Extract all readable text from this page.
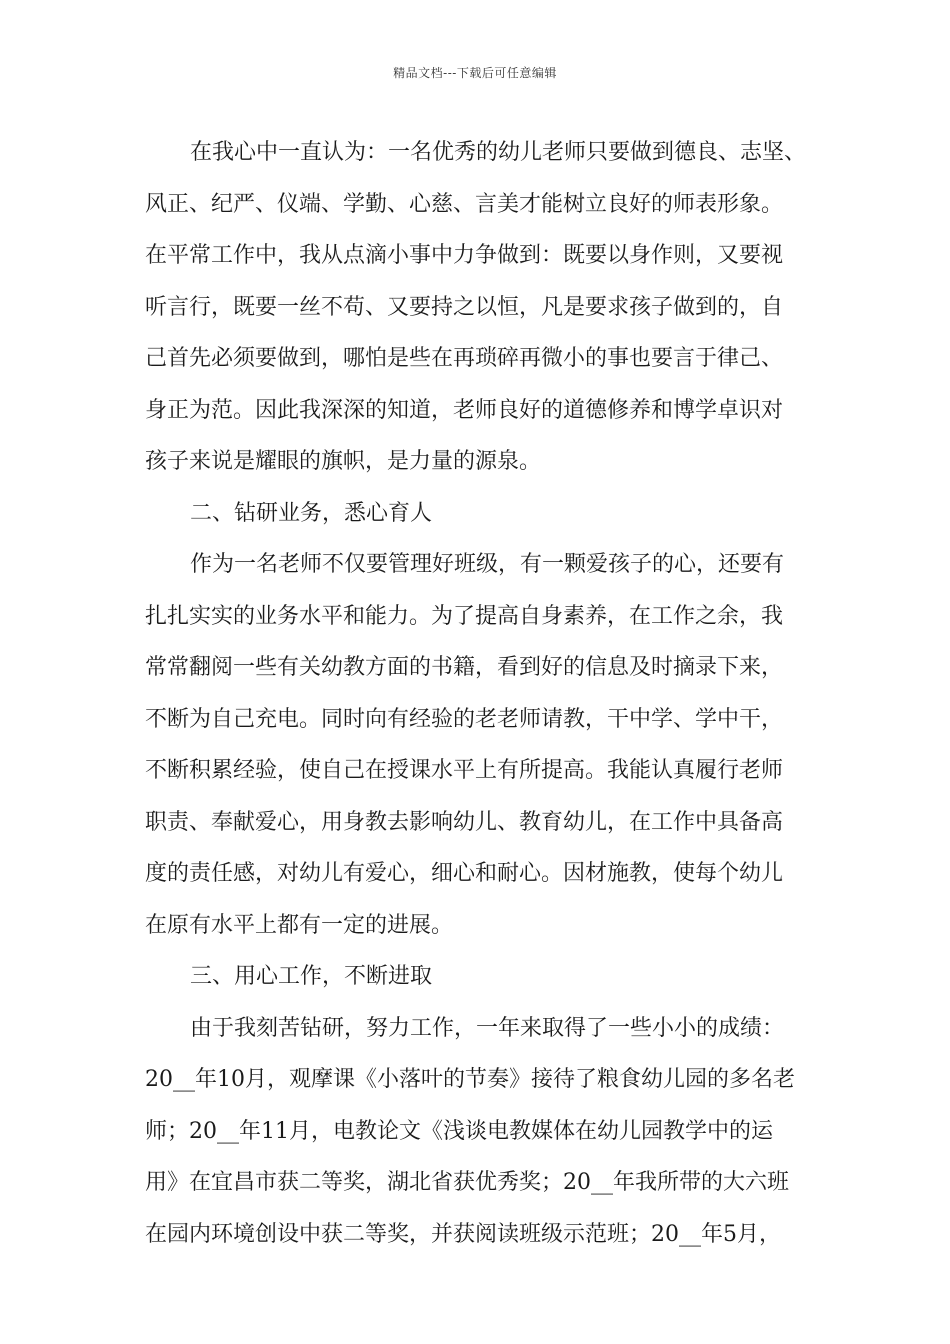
精品文档---下载后可任意编辑
在我心中一直认为：一名优秀的幼儿老师只要做到德良、志坚、
风正、纪严、仪端、学勤、心慈、言美才能树立良好的师表形象。
在平常工作中，我从点滴小事中力争做到：既要以身作则，又要视
听言行，既要一丝不苟、又要持之以恒，凡是要求孩子做到的，自
己首先必须要做到，哪怕是些在再琐碎再微小的事也要言于律己、
身正为范。因此我深深的知道，老师良好的道德修养和博学卓识对
孩子来说是耀眼的旗帜，是力量的源泉。
二、钻研业务，悉心育人
作为一名老师不仅要管理好班级，有一颗爱孩子的心，还要有
扎扎实实的业务水平和能力。为了提高自身素养，在工作之余，我
常常翻阅一些有关幼教方面的书籍，看到好的信息及时摘录下来，
不断为自己充电。同时向有经验的老老师请教，干中学、学中干，
不断积累经验，使自己在授课水平上有所提高。我能认真履行老师
职责、奉献爱心，用身教去影响幼儿、教育幼儿，在工作中具备高
度的责任感，对幼儿有爱心，细心和耐心。因材施教，使每个幼儿
在原有水平上都有一定的进展。
三、用心工作，不断进取
由于我刻苦钻研，努力工作，一年来取得了一些小小的成绩：
20__年10月，观摩课《小落叶的节奏》接待了粮食幼儿园的多名老
师；20__年11月，电教论文《浅谈电教媒体在幼儿园教学中的运
用》在宜昌市获二等奖，湖北省获优秀奖；20__年我所带的大六班
在园内环境创设中获二等奖，并获阅读班级示范班；20__年5月，
